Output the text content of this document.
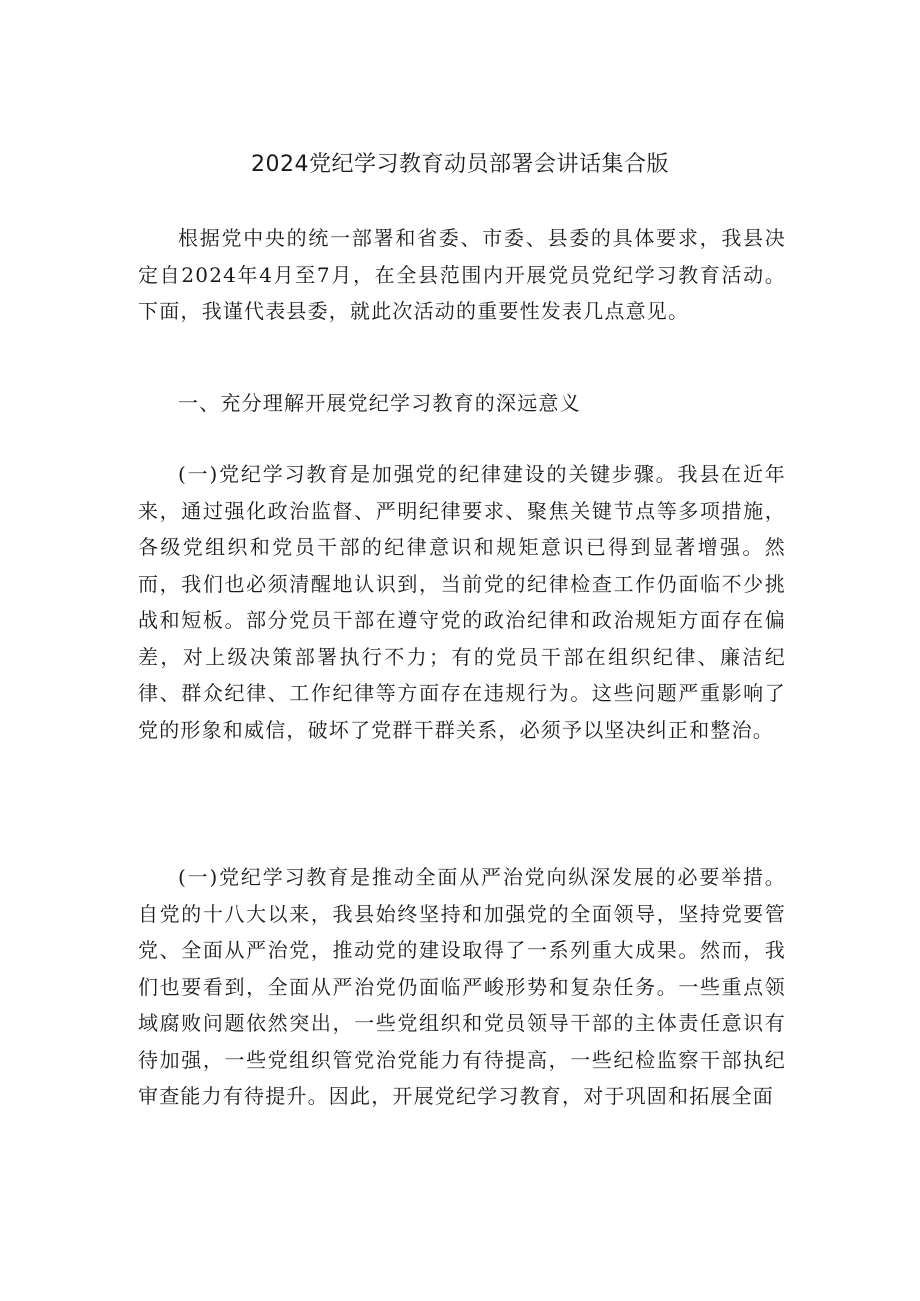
2024党纪学习教育动员部署会讲话集合版

根据党中央的统一部署和省委、市委、县委的具体要求，我县决定自2024年4月至7月，在全县范围内开展党员党纪学习教育活动。下面，我谨代表县委，就此次活动的重要性发表几点意见。

一、充分理解开展党纪学习教育的深远意义

(一)党纪学习教育是加强党的纪律建设的关键步骤。我县在近年来，通过强化政治监督、严明纪律要求、聚焦关键节点等多项措施，各级党组织和党员干部的纪律意识和规矩意识已得到显著增强。然而，我们也必须清醒地认识到，当前党的纪律检查工作仍面临不少挑战和短板。部分党员干部在遵守党的政治纪律和政治规矩方面存在偏差，对上级决策部署执行不力；有的党员干部在组织纪律、廉洁纪律、群众纪律、工作纪律等方面存在违规行为。这些问题严重影响了党的形象和威信，破坏了党群干群关系，必须予以坚决纠正和整治。

(一)党纪学习教育是推动全面从严治党向纵深发展的必要举措。自党的十八大以来，我县始终坚持和加强党的全面领导，坚持党要管党、全面从严治党，推动党的建设取得了一系列重大成果。然而，我们也要看到，全面从严治党仍面临严峻形势和复杂任务。一些重点领域腐败问题依然突出，一些党组织和党员领导干部的主体责任意识有待加强，一些党组织管党治党能力有待提高，一些纪检监察干部执纪审查能力有待提升。因此，开展党纪学习教育，对于巩固和拓展全面
